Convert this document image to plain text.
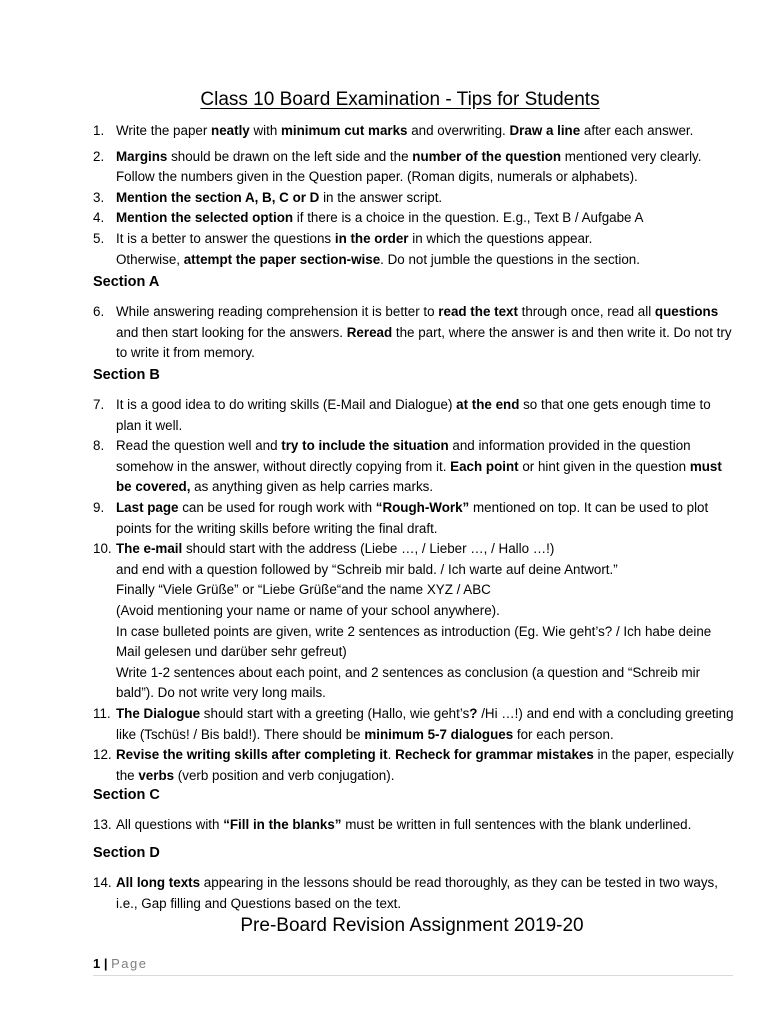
Class 10 Board Examination - Tips for Students
1. Write the paper neatly with minimum cut marks and overwriting. Draw a line after each answer.
2. Margins should be drawn on the left side and the number of the question mentioned very clearly. Follow the numbers given in the Question paper. (Roman digits, numerals or alphabets).
3. Mention the section A, B, C or D in the answer script.
4. Mention the selected option if there is a choice in the question. E.g., Text B / Aufgabe A
5. It is a better to answer the questions in the order in which the questions appear.
Otherwise, attempt the paper section-wise. Do not jumble the questions in the section.
Section A
6. While answering reading comprehension it is better to read the text through once, read all questions and then start looking for the answers. Reread the part, where the answer is and then write it. Do not try to write it from memory.
Section B
7. It is a good idea to do writing skills (E-Mail and Dialogue) at the end so that one gets enough time to plan it well.
8. Read the question well and try to include the situation and information provided in the question somehow in the answer, without directly copying from it. Each point or hint given in the question must be covered, as anything given as help carries marks.
9. Last page can be used for rough work with “Rough-Work” mentioned on top. It can be used to plot points for the writing skills before writing the final draft.
10. The e-mail should start with the address (Liebe …, / Lieber …, / Hallo …!)
and end with a question followed by “Schreib mir bald. / Ich warte auf deine Antwort.”
Finally “Viele Grüße” or “Liebe Grüße“and the name XYZ / ABC
(Avoid mentioning your name or name of your school anywhere).
In case bulleted points are given, write 2 sentences as introduction (Eg. Wie geht’s? / Ich habe deine Mail gelesen und darüber sehr gefreut)
Write 1-2 sentences about each point, and 2 sentences as conclusion (a question and “Schreib mir bald”). Do not write very long mails.
11. The Dialogue should start with a greeting (Hallo, wie geht’s? /Hi …!) and end with a concluding greeting like (Tschüs! / Bis bald!). There should be minimum 5-7 dialogues for each person.
12. Revise the writing skills after completing it. Recheck for grammar mistakes in the paper, especially the verbs (verb position and verb conjugation).
Section C
13. All questions with “Fill in the blanks” must be written in full sentences with the blank underlined.
Section D
14. All long texts appearing in the lessons should be read thoroughly, as they can be tested in two ways, i.e., Gap filling and Questions based on the text.
Pre-Board Revision Assignment 2019-20
1 | Page
